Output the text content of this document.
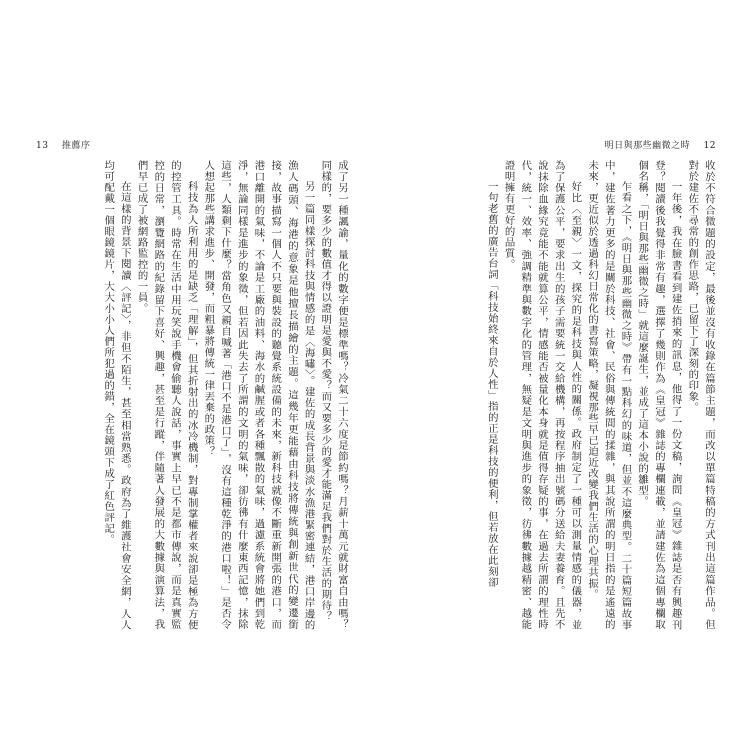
13 推薦序	明日與那些幽微之時 12

收於不符合微題的設定，最後並沒有收錄在篇節主題，而改以單篇特稿的方式刊出這篇作品。但對於建佐不尋常的創作思路，已留下了深刻的印象。

一年後，我在臉書看到建佐捎來的訊息，他得了一份文稿，詢問《皇冠》雜誌是否有興趣刊登？閱讀後我覺得非常有趣，選擇了幾則作為《皇冠》雜誌的專欄連載，並請建佐為這個專欄取個名稱，「明日與那些幽微之時」就這麼誕生，並成了這本小說的雛型。

乍看之下，《明日與那些幽微之時》帶有一點科幻的味道，但並不這麼典型。二十篇短篇故事中，建佐著力更多的是關於科技、社會、民俗與傳統間的揉雜，與其說所謂的明日指的是遙遠的未來，更近似於透過科幻日常化的書寫策略，凝視那些早已迫近改變我們生活的心理共振。

好比〈至親〉一文，探究的是科技與人性的關係。政府制定了一種可以測量情感的儀器，並為了保護公平，要求出生的孩子需要統一交給機構，再按程序抽出號碼分送給夫妻養育。且先不說抹除血緣究竟能不能就算公平，情感能否被量化本身就是值得存疑的事，在過去所謂的理性時代，統一、效率、強調精準與數字化的管理，無疑是文明與進步的象徵，彷彿數據越精密、越能證明擁有更好的品質。

一句老舊的廣告台詞「科技始終來自於人性」指的正是科技的便利，但若放在此刻卻

成了另一種諷諭，量化的數字便是標準嗎？冷氣二十六度是節約嗎？月薪十萬元就財富自由嗎？同樣的，要多少的數值才得以證明是愛與不愛？而又要多少的愛才能滿足我們對於生活的期待？

另一篇同樣探討科技與情感的是〈海嘯〉。建佐的成長背景與淡水漁港緊密連結，港口岸邊的漁人碼頭、海港的意象是他擅長描繪的主題。這幾年更能藉由科技將傳統與創新世代的變遷銜接，故事描寫一個人不只要與裝設的聽覺系統設備的未來，新科技就像不斷重新開張的港口，而港口離開的氣味，不論是工廠的油料、海水的鹹腥或者各種飄散的氣味，過濾系統會將她們到乾淨，無論同樣是進步的象徵，但若因此失去了所謂的文明的氣味，卻彷彿有什麼東西記憶，抹除這些，人類剩下什麼？當角色又親自喊著「港口不是港口了」，沒有這種乾淨的港口啦！」是否令人想起那些講求進步、開發，而粗暴將傳統一律丟棄的政策？

科技為人所利用的是缺乏「理解」，但其折射出的冰冷機制，對專制掌權者來說卻是極為方便的控管工具。時常在生活中用玩笑說手機會偷聽人說話，事實上早已不是都市傳說，而是真實監控的日常，瀏覽網路的紀錄留下喜好、興趣，甚至是行蹤，伴隨著人發展的大數據與演算法，我們早已成了被網路監控的一員。

在這樣的背景下閱讀〈評記〉，非但不陌生，甚至相當熟悉。政府為了維護社會安全網，人人均可配戴一個眼鏡鏡片，大大小小人們所犯過的錯，全在鏡頭下成了紅色評記。
